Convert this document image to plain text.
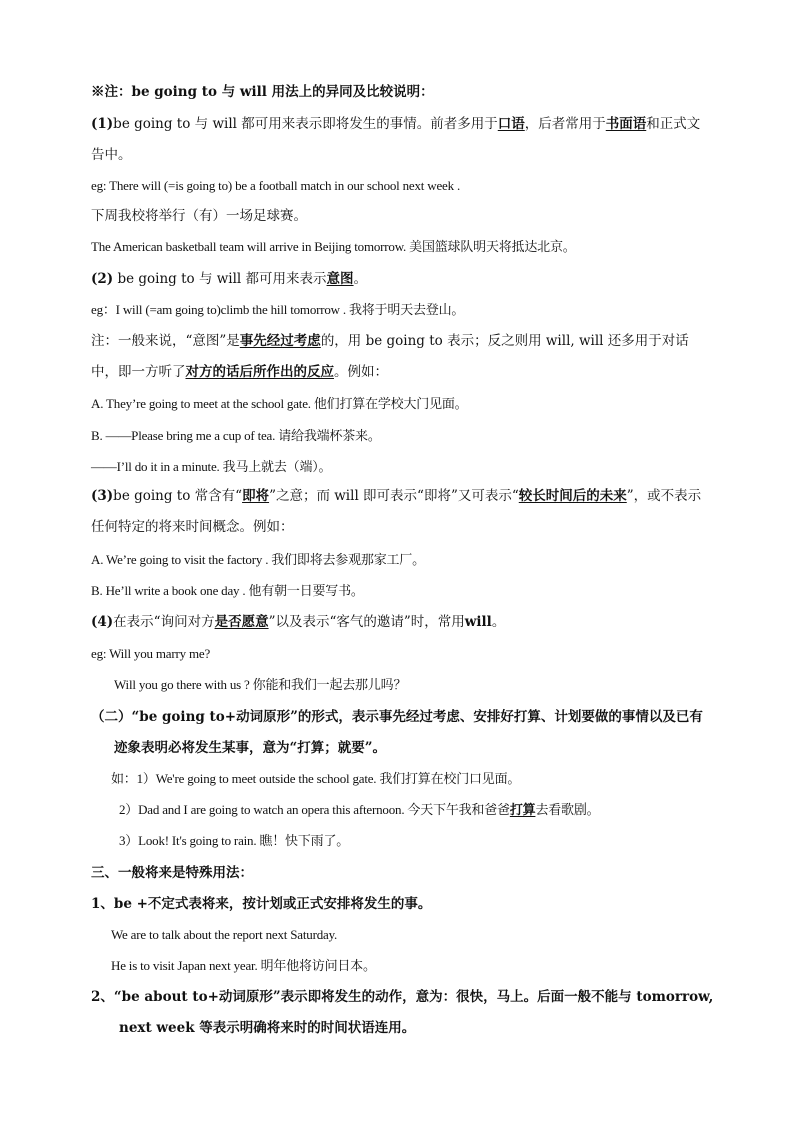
※注：be going to 与 will 用法上的异同及比较说明：
(1)be going to 与 will 都可用来表示即将发生的事情。前者多用于口语，后者常用于书面语和正式文告中。
eg: There will (=is going to) be a football match in our school next week .
下周我校将举行（有）一场足球赛。
The American basketball team will arrive in Beijing tomorrow. 美国篮球队明天将抵达北京。
(2) be going to 与 will 都可用来表示意图。
eg：I will (=am going to)climb the hill tomorrow . 我将于明天去登山。
注：一般来说，“意图”是事先经过考虑的，用 be going to 表示；反之则用 will, will 还多用于对话中，即一方听了对方的话后所作出的反应。例如：
A. They’re going to meet at the school gate. 他们打算在学校大门见面。
B. ——Please bring me a cup of tea. 请给我端杯茶来。
——I’ll do it in a minute. 我马上就去（端）。
(3)be going to 常含有“即将”之意；而 will 即可表示“即将”又可表示“较长时间后的未来”，或不表示任何特定的将来时间概念。例如：
A. We’re going to visit the factory . 我们即将去参观那家工厂。
B. He’ll write a book one day . 他有朝一日要写书。
(4)在表示“询问对方是否愿意”以及表示“客气的邀请”时，常用will。
eg: Will you marry me?
Will you go there with us ? 你能和我们一起去那儿吗？
（二）“be going to+动词原形”的形式，表示事先经过考虑、安排好打算、计划要做的事情以及已有
迹象表明必将发生某事，意为“打算；就要”。
如：1）We're going to meet outside the school gate. 我们打算在校门口见面。
2）Dad and I are going to watch an opera this afternoon. 今天下午我和爸爸打算去看歌剧。
3）Look! It's going to rain. 瞧！快下雨了。
三、一般将来是特殊用法：
1、be +不定式表将来，按计划或正式安排将发生的事。
We are to talk about the report next Saturday.
He is to visit Japan next year. 明年他将访问日本。
2、“be about to+动词原形”表示即将发生的动作，意为：很快，马上。后面一般不能与 tomorrow,
next week 等表示明确将来时的时间状语连用。
